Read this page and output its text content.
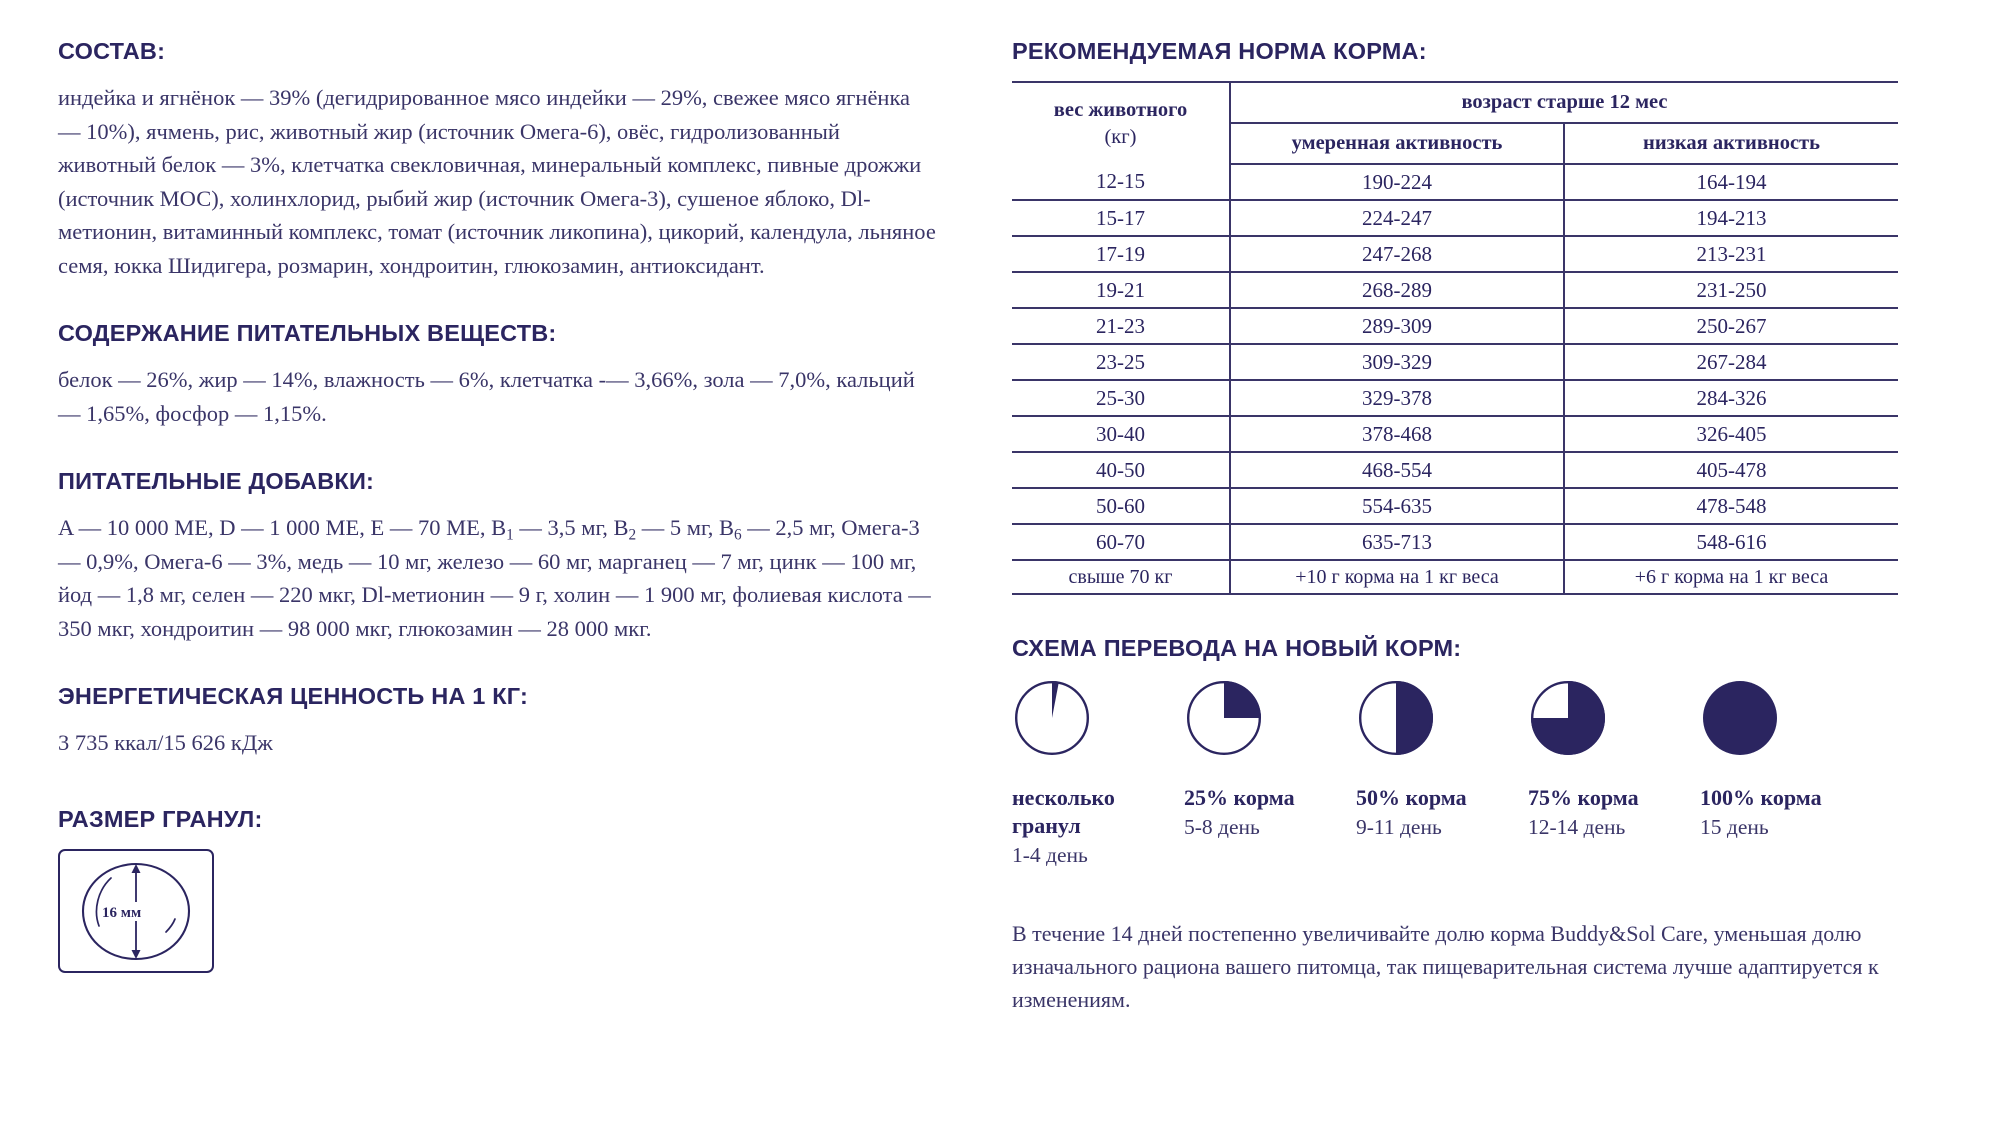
СОСТАВ:

индейка и ягнёнок — 39% (дегидрированное мясо индейки — 29%, свежее мясо ягнёнка — 10%), ячмень, рис, животный жир (источник Омега-6), овёс, гидролизованный животный белок — 3%, клетчатка свекловичная, минеральный комплекс, пивные дрожжи (источник МОС), холинхлорид, рыбий жир (источник Омега-3), сушеное яблоко, Dl-метионин, витаминный комплекс, томат (источник ликопина), цикорий, календула, льняное семя, юкка Шидигера, розмарин, хондроитин, глюкозамин, антиоксидант.

СОДЕРЖАНИЕ ПИТАТЕЛЬНЫХ ВЕЩЕСТВ:

белок — 26%, жир — 14%, влажность — 6%, клетчатка -— 3,66%, зола — 7,0%, кальций — 1,65%, фосфор — 1,15%.

ПИТАТЕЛЬНЫЕ ДОБАВКИ:

A — 10 000 МЕ, D — 1 000 МЕ, E — 70 МЕ, $B_1$ — 3,5 мг, $B_2$ — 5 мг, $B_6$ — 2,5 мг, Омега-3 — 0,9%, Омега-6 — 3%, медь — 10 мг, железо — 60 мг, марганец — 7 мг, цинк — 100 мг, йод — 1,8 мг, селен — 220 мкг, Dl-метионин — 9 г, холин — 1 900 мг, фолиевая кислота — 350 мкг, хондроитин — 98 000 мкг, глюкозамин — 28 000 мкг.

ЭНЕРГЕТИЧЕСКАЯ ЦЕННОСТЬ НА 1 КГ:

3 735 ккал/15 626 кДж

РАЗМЕР ГРАНУЛ:
16 мм
РЕКОМЕНДУЕМАЯ НОРМА КОРМА:
вес животного
(кг)	возраст старше 12 мес	
	умеренная активность	низкая активность
12-15	190-224	164-194
15-17	224-247	194-213
17-19	247-268	213-231
19-21	268-289	231-250
21-23	289-309	250-267
23-25	309-329	267-284
25-30	329-378	284-326
30-40	378-468	326-405
40-50	468-554	405-478
50-60	554-635	478-548
60-70	635-713	548-616
свыше 70 кг	+10 г корма на 1 кг веса	+6 г корма на 1 кг веса
СХЕМА ПЕРЕВОДА НА НОВЫЙ КОРМ:
несколько гранул
1-4 день
25% корма
5-8 день
50% корма
9-11 день
75% корма
12-14 день
100% корма
15 день

В течение 14 дней постепенно увеличивайте долю корма Buddy&Sol Care, уменьшая долю изначального рациона вашего питомца, так пищеварительная система лучше адаптируется к изменениям.
